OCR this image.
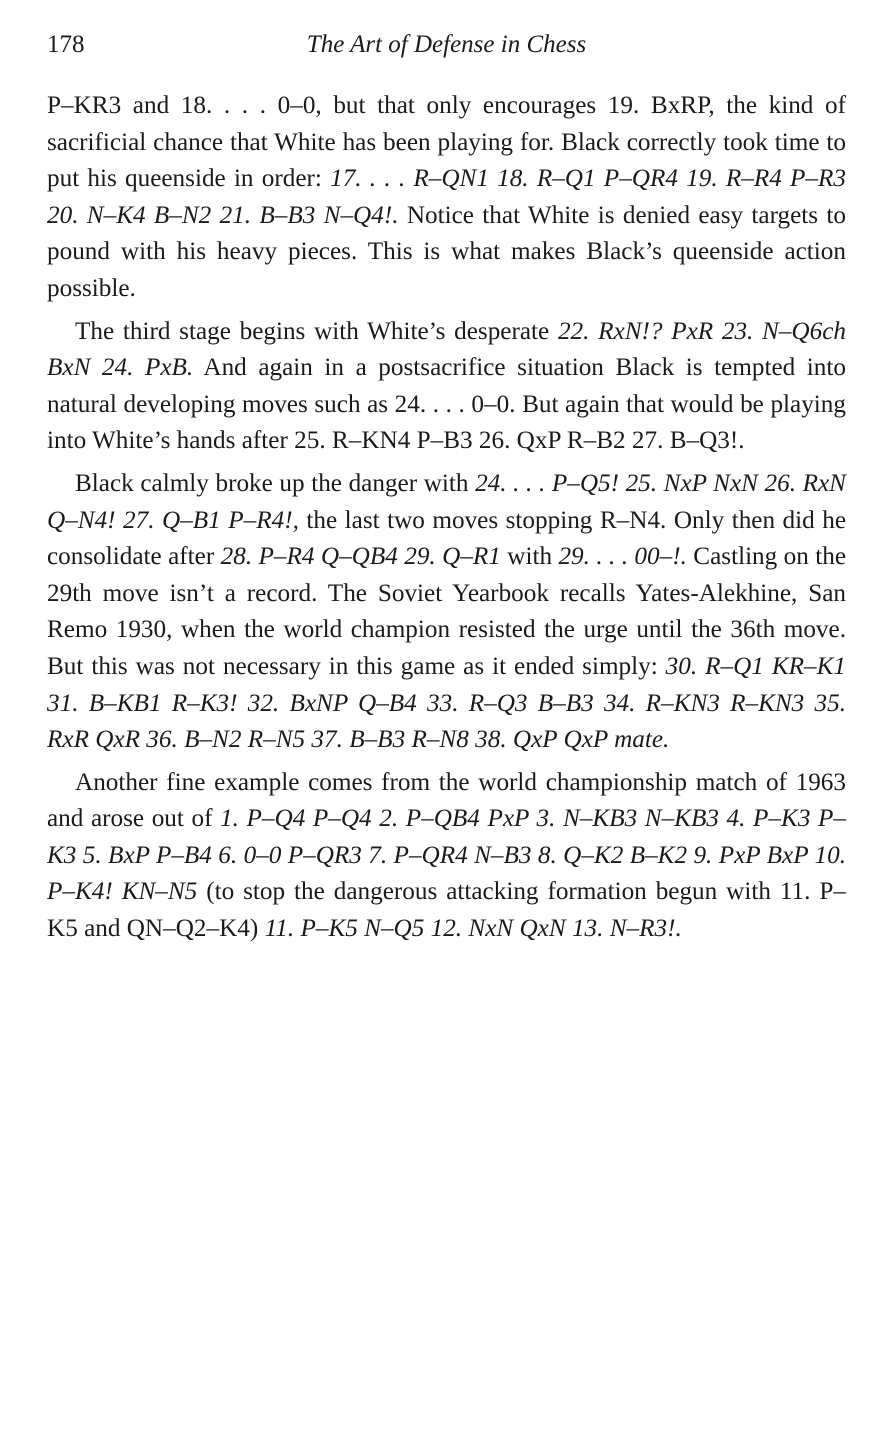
178	The Art of Defense in Chess

P–KR3 and 18. . . . 0–0, but that only encourages 19. BxRP, the kind of sacrificial chance that White has been playing for. Black correctly took time to put his queenside in order: 17. . . . R–QN1 18. R–Q1 P–QR4 19. R–R4 P–R3 20. N–K4 B–N2 21. B–B3 N–Q4!. Notice that White is denied easy targets to pound with his heavy pieces. This is what makes Black’s queenside action possible.

The third stage begins with White’s desperate 22. RxN!? PxR 23. N–Q6ch BxN 24. PxB. And again in a postsacrifice situation Black is tempted into natural developing moves such as 24. . . . 0–0. But again that would be playing into White’s hands after 25. R–KN4 P–B3 26. QxP R–B2 27. B–Q3!.

Black calmly broke up the danger with 24. . . . P–Q5! 25. NxP NxN 26. RxN Q–N4! 27. Q–B1 P–R4!, the last two moves stopping R–N4. Only then did he consolidate after 28. P–R4 Q–QB4 29. Q–R1 with 29. . . . 00–!. Castling on the 29th move isn’t a record. The Soviet Yearbook recalls Yates-Alekhine, San Remo 1930, when the world champion resisted the urge until the 36th move. But this was not necessary in this game as it ended simply: 30. R–Q1 KR–K1 31. B–KB1 R–K3! 32. BxNP Q–B4 33. R–Q3 B–B3 34. R–KN3 R–KN3 35. RxR QxR 36. B–N2 R–N5 37. B–B3 R–N8 38. QxP QxP mate.

Another fine example comes from the world championship match of 1963 and arose out of 1. P–Q4 P–Q4 2. P–QB4 PxP 3. N–KB3 N–KB3 4. P–K3 P–K3 5. BxP P–B4 6. 0–0 P–QR3 7. P–QR4 N–B3 8. Q–K2 B–K2 9. PxP BxP 10. P–K4! KN–N5 (to stop the dangerous attacking formation begun with 11. P–K5 and QN–Q2–K4) 11. P–K5 N–Q5 12. NxN QxN 13. N–R3!.
